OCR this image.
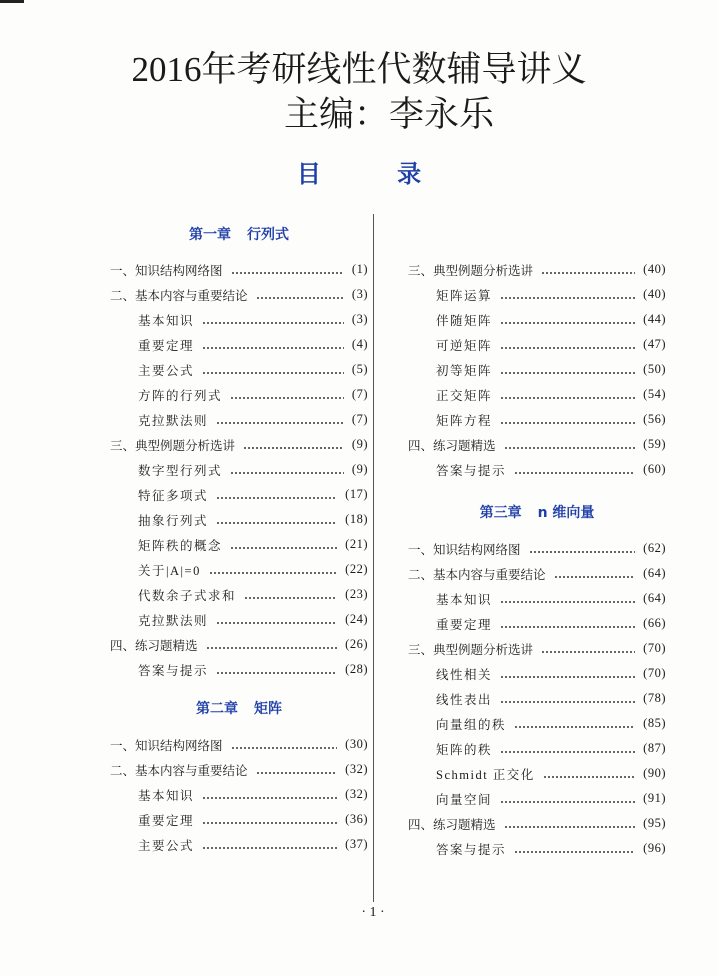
2016年考研线性代数辅导讲义
主编：李永乐
目 录
第一章 行列式
一、知识结构网络图	(1)
二、基本内容与重要结论	(3)
基本知识	(3)
重要定理	(4)
主要公式	(5)
方阵的行列式	(7)
克拉默法则	(7)
三、典型例题分析选讲	(9)
数字型行列式	(9)
特征多项式	(17)
抽象行列式	(18)
矩阵秩的概念	(21)
关于|A|=0	(22)
代数余子式求和	(23)
克拉默法则	(24)
四、练习题精选	(26)
答案与提示	(28)
第二章 矩阵
一、知识结构网络图	(30)
二、基本内容与重要结论	(32)
基本知识	(32)
重要定理	(36)
主要公式	(37)
三、典型例题分析选讲	(40)
矩阵运算	(40)
伴随矩阵	(44)
可逆矩阵	(47)
初等矩阵	(50)
正交矩阵	(54)
矩阵方程	(56)
四、练习题精选	(59)
答案与提示	(60)
第三章 n 维向量
一、知识结构网络图	(62)
二、基本内容与重要结论	(64)
基本知识	(64)
重要定理	(66)
三、典型例题分析选讲	(70)
线性相关	(70)
线性表出	(78)
向量组的秩	(85)
矩阵的秩	(87)
Schmidt 正交化	(90)
向量空间	(91)
四、练习题精选	(95)
答案与提示	(96)
· 1 ·
